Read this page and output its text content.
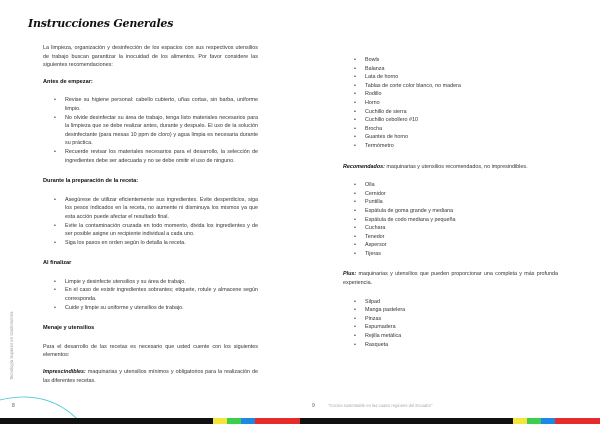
Instrucciones Generales

La limpieza, organización y desinfección de los espacios con sus respectivos utensilios de trabajo buscan garantizar la inocuidad de los alimentos. Por favor considere las siguientes recomendaciones:

Antes de empezar:
• Revise su higiene personal: cabello cubierto, uñas cortas, sin barba, uniforme limpio.
• No olvide desinfectar su área de trabajo, tenga listo materiales necesarios para la limpieza que se debe realizar antes, durante y después. El uso de la solución desinfectante (para mesas 10 ppm de cloro) y agua limpia es necesaria durante su práctica.
• Recuerde revisar los materiales necesarios para el desarrollo, la selección de ingredientes debe ser adecuada y no se debe omitir el uso de ninguno.
Durante la preparación de la receta:
• Asegúrese de utilizar eficientemente sus ingredientes. Evite desperdicios, siga los pesos indicados en la receta, no aumente ni disminuya los mismos ya que esta acción puede afectar el resultado final.
• Evite la contaminación cruzada en todo momento, divida los ingredientes y de ser posible asigne un recipiente individual a cada uno.
• Siga los pasos en orden según lo detalla la receta.
Al finalizar
• Limpie y desinfecte utensilios y su área de trabajo.
• En el caso de existir ingredientes sobrantes; etiquete, rotule y almacene según corresponda.
• Cuide y limpie su uniforme y utensilios de trabajo.
Menaje y utensilios

Para el desarrollo de las recetas es necesario que usted cuente con los siguientes elementos:

Imprescindibles: maquinarias y utensilios mínimos y obligatorios para la realización de las diferentes recetas.

Tecnología Superior en Gastronomía
8
• Bowls
• Balanza
• Lata de horno
• Tablas de corte color blanco, no madera
• Rodillo
• Horno
• Cuchillo de sierra
• Cuchillo cebollero #10
• Brocha
• Guantes de horno
• Termómetro

Recomendados: maquinarias y utensilios recomendados, no impresindibles.

• Olla
• Cernidor
• Puntilla
• Espátula de goma grande y mediana
• Espátula de codo mediana y pequeña
• Cuchara
• Tenedor
• Aspersor
• Tijeras

Plus: maquinarias y utensilios que pueden proporcionar una completa y más profunda experiencia.

• Silpad
• Manga pastelera
• Pinzas
• Espumadera
• Rejilla metálica
• Rasqueta
9	"Cocina sustentable en las cuatro regiones del Ecuador"
